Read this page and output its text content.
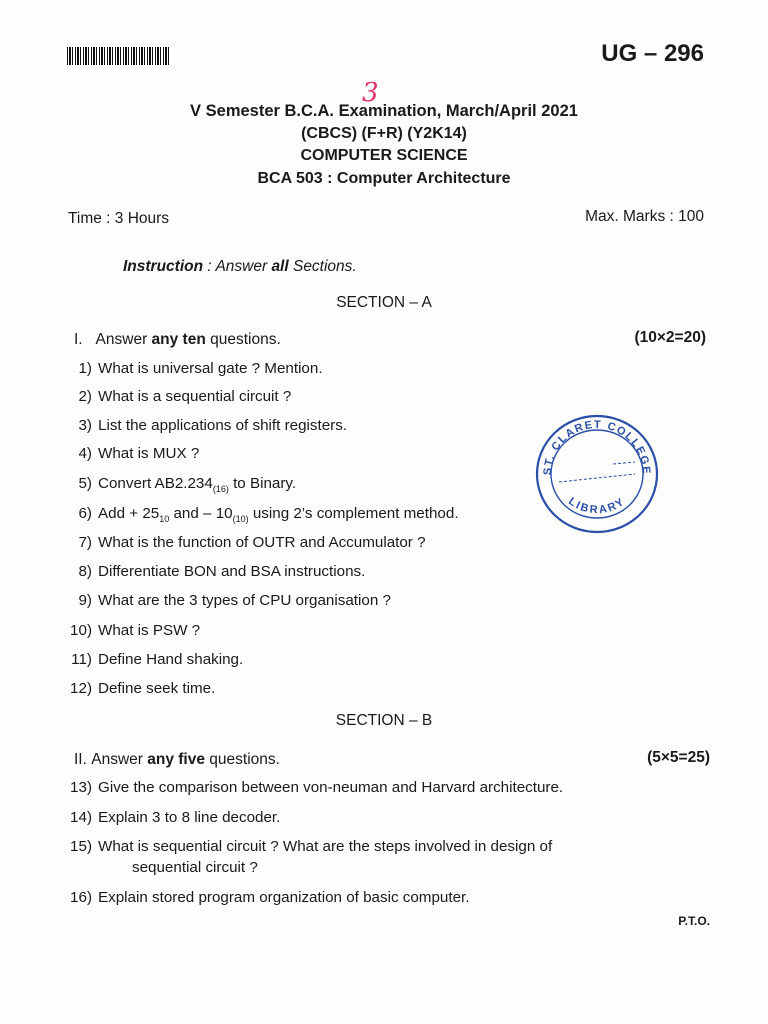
UG – 296
3
V Semester B.C.A. Examination, March/April 2021
(CBCS) (F+R) (Y2K14)
COMPUTER SCIENCE
BCA 503 : Computer Architecture
Time : 3 Hours	Max. Marks : 100
Instruction : Answer all Sections.
SECTION – A
I. Answer any ten questions.	(10×2=20)
1) What is universal gate ? Mention.
2) What is a sequential circuit ?
3) List the applications of shift registers.
4) What is MUX ?
5) Convert $AB2.234_{(16)}$ to Binary.
6) Add + $25_{10}$ and – $10_{(10)}$ using 2’s complement method.
7) What is the function of OUTR and Accumulator ?
8) Differentiate BON and BSA instructions.
9) What are the 3 types of CPU organisation ?
10) What is PSW ?
11) Define Hand shaking.
12) Define seek time.
SECTION – B
II. Answer any five questions.	(5×5=25)
13) Give the comparison between von-neuman and Harvard architecture.
14) Explain 3 to 8 line decoder.
15) What is sequential circuit ? What are the steps involved in design of
sequential circuit ?
16) Explain stored program organization of basic computer.
P.T.O.
ST. CLARET COLLEGE
LIBRARY
